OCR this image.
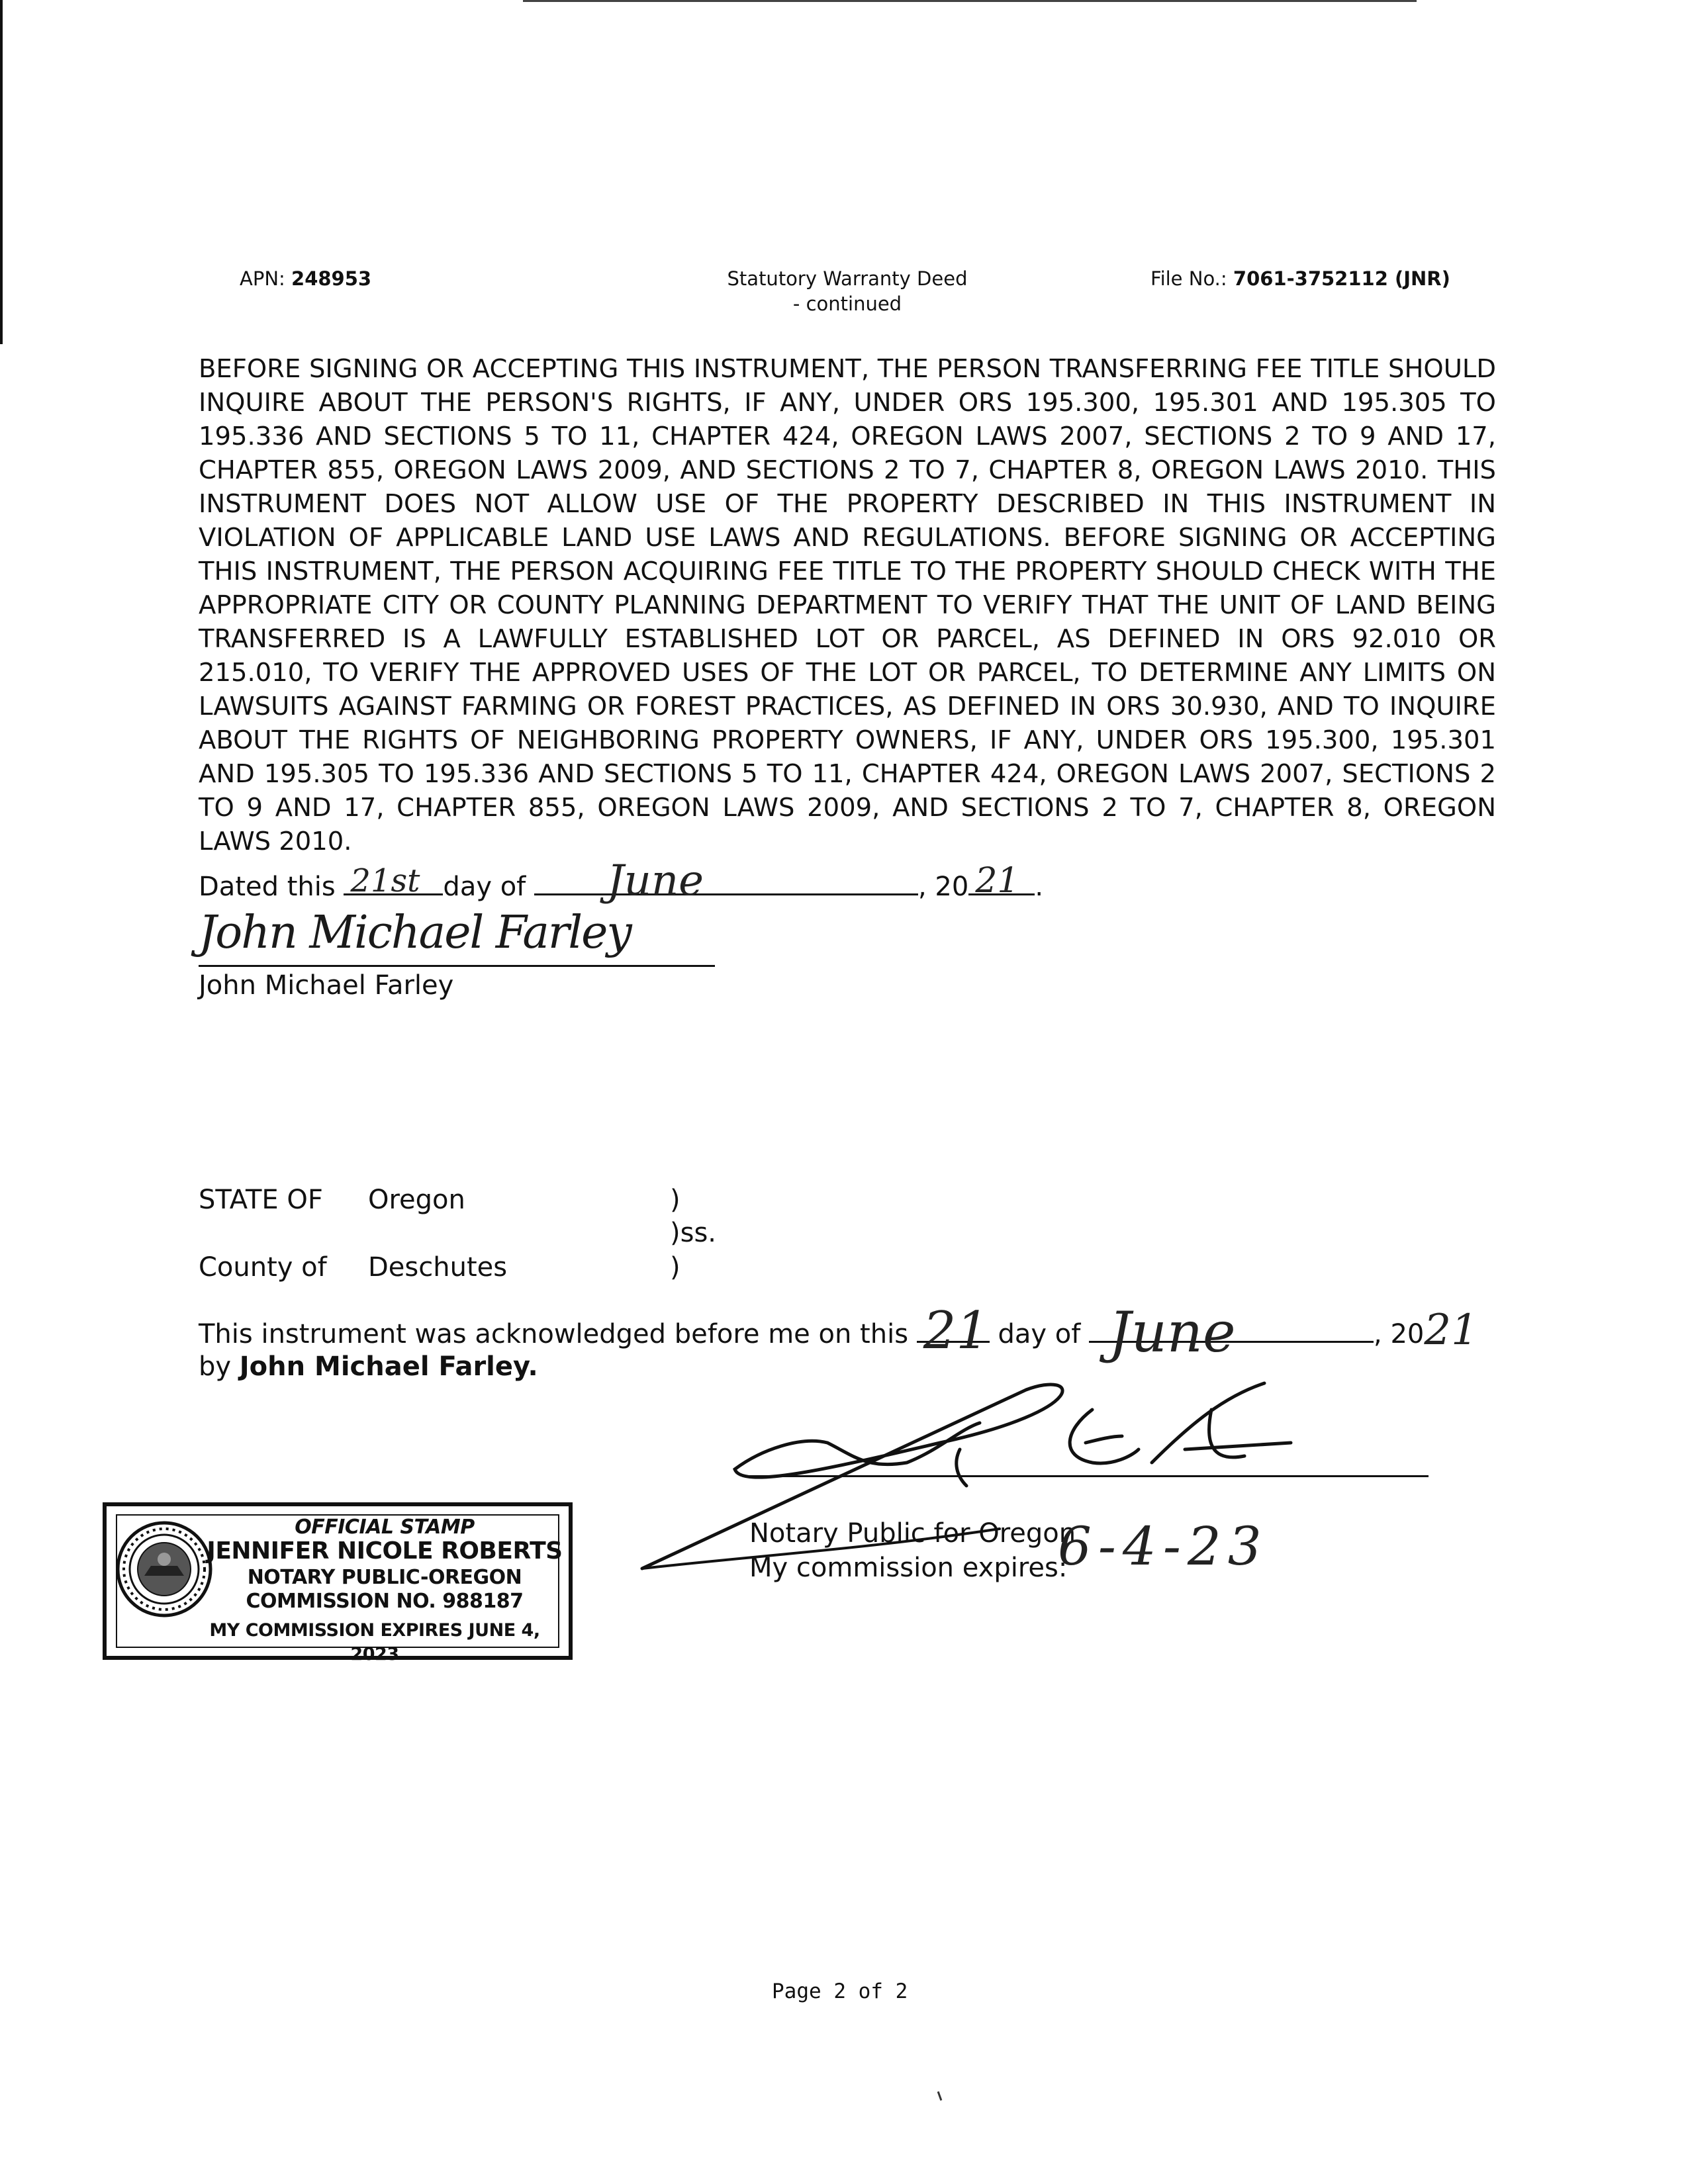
APN: 248953	Statutory Warranty Deed
- continued
File No.: 7061-3752112 (JNR)
BEFORE SIGNING OR ACCEPTING THIS INSTRUMENT, THE PERSON TRANSFERRING FEE TITLE SHOULD INQUIRE ABOUT THE PERSON'S RIGHTS, IF ANY, UNDER ORS 195.300, 195.301 AND 195.305 TO 195.336 AND SECTIONS 5 TO 11, CHAPTER 424, OREGON LAWS 2007, SECTIONS 2 TO 9 AND 17, CHAPTER 855, OREGON LAWS 2009, AND SECTIONS 2 TO 7, CHAPTER 8, OREGON LAWS 2010. THIS INSTRUMENT DOES NOT ALLOW USE OF THE PROPERTY DESCRIBED IN THIS INSTRUMENT IN VIOLATION OF APPLICABLE LAND USE LAWS AND REGULATIONS. BEFORE SIGNING OR ACCEPTING THIS INSTRUMENT, THE PERSON ACQUIRING FEE TITLE TO THE PROPERTY SHOULD CHECK WITH THE APPROPRIATE CITY OR COUNTY PLANNING DEPARTMENT TO VERIFY THAT THE UNIT OF LAND BEING TRANSFERRED IS A LAWFULLY ESTABLISHED LOT OR PARCEL, AS DEFINED IN ORS 92.010 OR 215.010, TO VERIFY THE APPROVED USES OF THE LOT OR PARCEL, TO DETERMINE ANY LIMITS ON LAWSUITS AGAINST FARMING OR FOREST PRACTICES, AS DEFINED IN ORS 30.930, AND TO INQUIRE ABOUT THE RIGHTS OF NEIGHBORING PROPERTY OWNERS, IF ANY, UNDER ORS 195.300, 195.301 AND 195.305 TO 195.336 AND SECTIONS 5 TO 11, CHAPTER 424, OREGON LAWS 2007, SECTIONS 2 TO 9 AND 17, CHAPTER 855, OREGON LAWS 2009, AND SECTIONS 2 TO 7, CHAPTER 8, OREGON LAWS 2010.
Dated this 21st day of June	, 20 21 .
John Michael Farley
John Michael Farley
STATE OF Oregon	)
)ss.
County of Deschutes	)
This instrument was acknowledged before me on this 21 day of June	, 20 21
by John Michael Farley.
Notary Public for Oregon
My commission expires:
6-4-23
OFFICIAL STAMP
JENNIFER NICOLE ROBERTS
NOTARY PUBLIC-OREGON
COMMISSION NO. 988187
MY COMMISSION EXPIRES JUNE 4, 2023
Page 2 of 2
